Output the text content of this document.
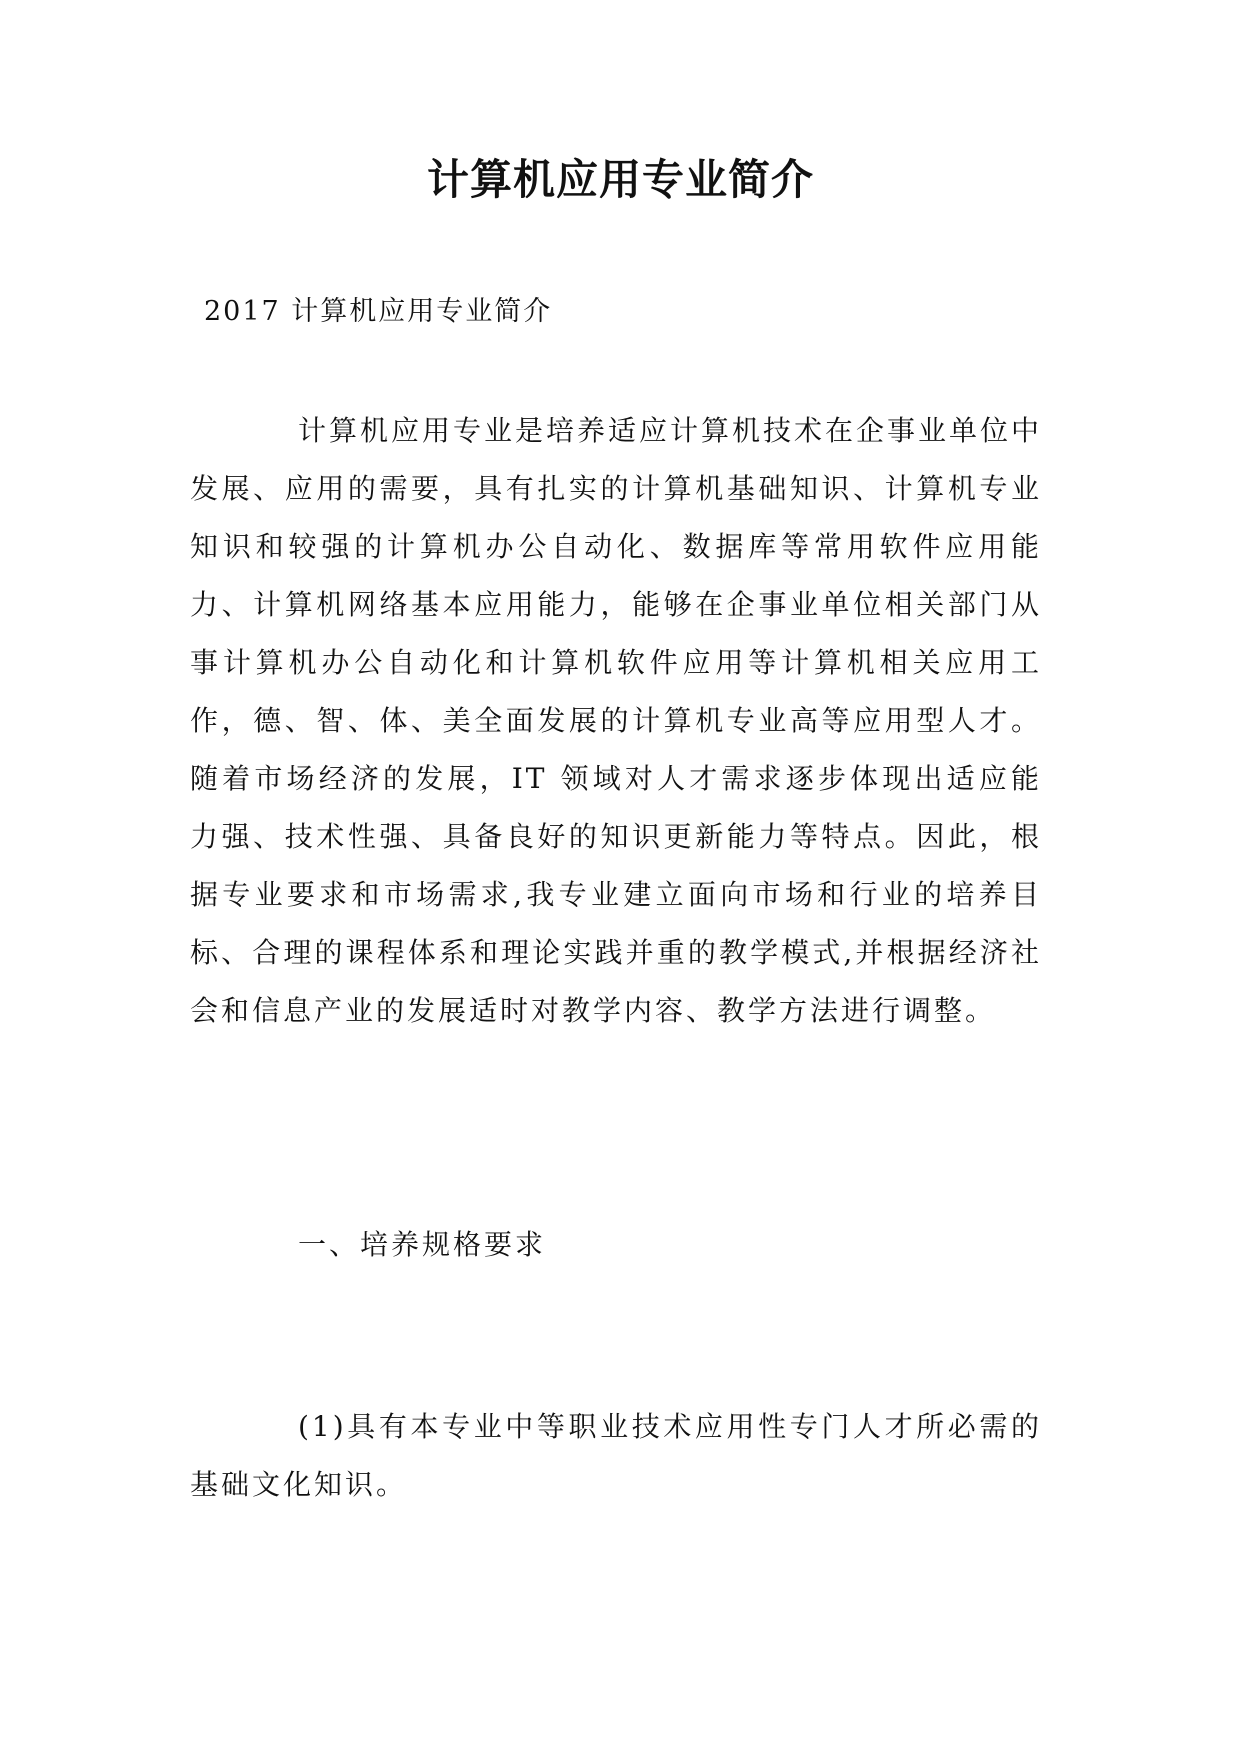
计算机应用专业简介

2017 计算机应用专业简介

计算机应用专业是培养适应计算机技术在企事业单位中发展、应用的需要，具有扎实的计算机基础知识、计算机专业知识和较强的计算机办公自动化、数据库等常用软件应用能力、计算机网络基本应用能力，能够在企事业单位相关部门从事计算机办公自动化和计算机软件应用等计算机相关应用工作，德、智、体、美全面发展的计算机专业高等应用型人才。随着市场经济的发展，IT 领域对人才需求逐步体现出适应能力强、技术性强、具备良好的知识更新能力等特点。因此，根据专业要求和市场需求,我专业建立面向市场和行业的培养目标、合理的课程体系和理论实践并重的教学模式,并根据经济社会和信息产业的发展适时对教学内容、教学方法进行调整。

一、培养规格要求

(1)具有本专业中等职业技术应用性专门人才所必需的基础文化知识。
